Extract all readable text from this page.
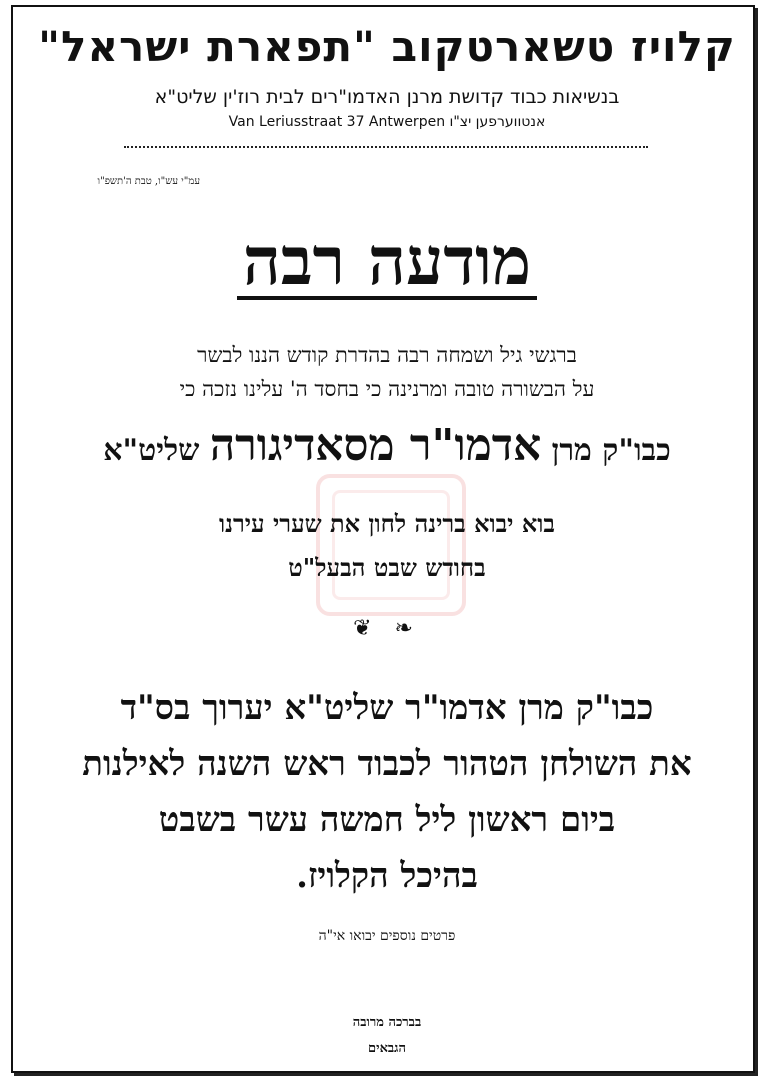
קלויז טשארטקוב "תפארת ישראל"
בנשיאות כבוד קדושת מרנן האדמו"רים לבית רוז'ין שליט"א
אנטווערפען יצ"ו Van Leriusstraat 37 Antwerpen
עמ"י עש"ו, טבת ה'תשפ"ו
מודעה רבה
ברגשי גיל ושמחה רבה בהדרת קודש הננו לבשר
על הבשורה טובה ומרנינה כי בחסד ה' עלינו נזכה כי
כבו"ק מרן אדמו"ר מסאדיגורה שליט"א
בוא יבוא ברינה לחון את שערי עירנו
בחודש שבט הבעל"ט
❧ ❦
כבו"ק מרן אדמו"ר שליט"א יערוך בס"ד
את השולחן הטהור לכבוד ראש השנה לאילנות
ביום ראשון ליל חמשה עשר בשבט
בהיכל הקלויז.
פרטים נוספים יבואו אי"ה
בברכה מרובה
הגבאים
